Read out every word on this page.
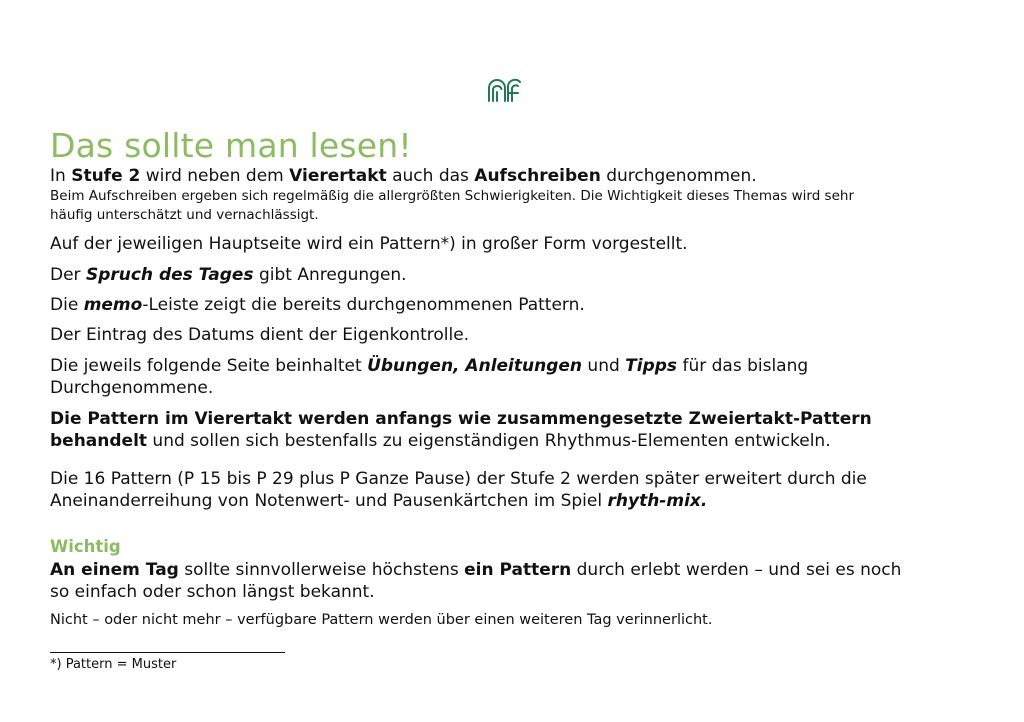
Das sollte man lesen!

In Stufe 2 wird neben dem Vierertakt auch das Aufschreiben durchgenommen.

Beim Aufschreiben ergeben sich regelmäßig die allergrößten Schwierigkeiten. Die Wichtigkeit dieses Themas wird sehr

häufig unterschätzt und vernachlässigt.

Auf der jeweiligen Hauptseite wird ein Pattern*) in großer Form vorgestellt.

Der Spruch des Tages gibt Anregungen.

Die memo-Leiste zeigt die bereits durchgenommenen Pattern.

Der Eintrag des Datums dient der Eigenkontrolle.

Die jeweils folgende Seite beinhaltet Übungen, Anleitungen und Tipps für das bislang
Durchgenommene.

Die Pattern im Vierertakt werden anfangs wie zusammengesetzte Zweiertakt-Pattern
behandelt und sollen sich bestenfalls zu eigenständigen Rhythmus-Elementen entwickeln.

Die 16 Pattern (P 15 bis P 29 plus P Ganze Pause) der Stufe 2 werden später erweitert durch die
Aneinanderreihung von Notenwert- und Pausenkärtchen im Spiel rhyth-mix.

Wichtig

An einem Tag sollte sinnvollerweise höchstens ein Pattern durch erlebt werden – und sei es noch
so einfach oder schon längst bekannt.

Nicht – oder nicht mehr – verfügbare Pattern werden über einen weiteren Tag verinnerlicht.

*) Pattern = Muster
